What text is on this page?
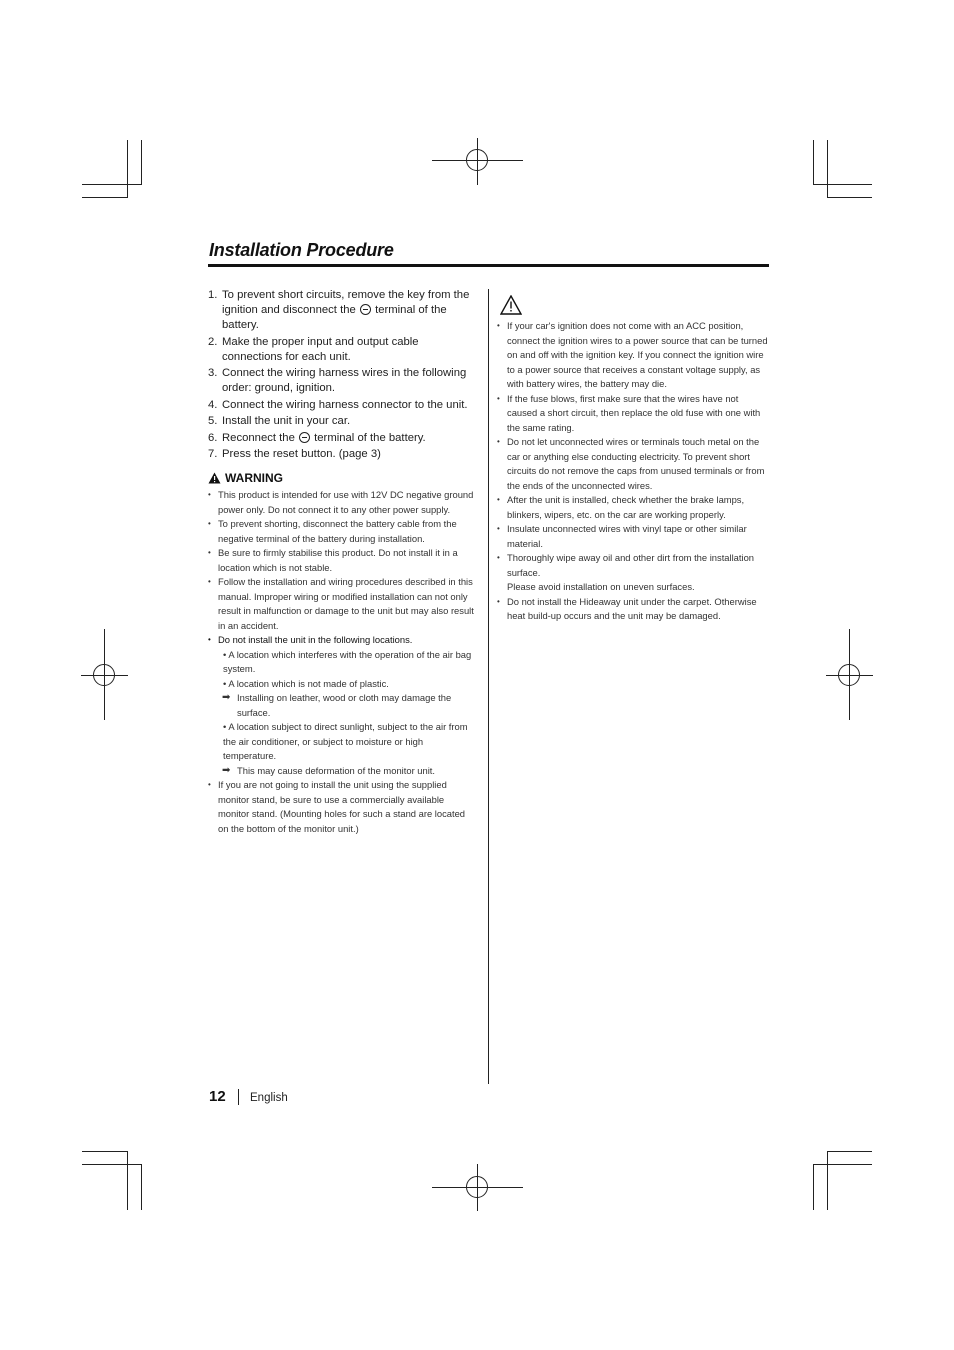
Installation Procedure
1. To prevent short circuits, remove the key from the ignition and disconnect the terminal of the battery.
2. Make the proper input and output cable connections for each unit.
3. Connect the wiring harness wires in the following order: ground, ignition.
4. Connect the wiring harness connector to the unit.
5. Install the unit in your car.
6. Reconnect the terminal of the battery.
7. Press the reset button. (page 3)
WARNING
• This product is intended for use with 12V DC negative ground power only. Do not connect it to any other power supply.
• To prevent shorting, disconnect the battery cable from the negative terminal of the battery during installation.
• Be sure to firmly stabilise this product. Do not install it in a location which is not stable.
• Follow the installation and wiring procedures described in this manual. Improper wiring or modified installation can not only result in malfunction or damage to the unit but may also result in an accident.
• Do not install the unit in the following locations.
• A location which interferes with the operation of the air bag system.
• A location which is not made of plastic.
➡ Installing on leather, wood or cloth may damage the surface.
• A location subject to direct sunlight, subject to the air from the air conditioner, or subject to moisture or high temperature.
➡ This may cause deformation of the monitor unit.
• If you are not going to install the unit using the supplied monitor stand, be sure to use a commercially available monitor stand. (Mounting holes for such a stand are located on the bottom of the monitor unit.)
• If your car's ignition does not come with an ACC position, connect the ignition wires to a power source that can be turned on and off with the ignition key. If you connect the ignition wire to a power source that receives a constant voltage supply, as with battery wires, the battery may die.
• If the fuse blows, first make sure that the wires have not caused a short circuit, then replace the old fuse with one with the same rating.
• Do not let unconnected wires or terminals touch metal on the car or anything else conducting electricity. To prevent short circuits do not remove the caps from unused terminals or from the ends of the unconnected wires.
• After the unit is installed, check whether the brake lamps, blinkers, wipers, etc. on the car are working properly.
• Insulate unconnected wires with vinyl tape or other similar material.
• Thoroughly wipe away oil and other dirt from the installation surface.
Please avoid installation on uneven surfaces.
• Do not install the Hideaway unit under the carpet. Otherwise heat build-up occurs and the unit may be damaged.
12 English
